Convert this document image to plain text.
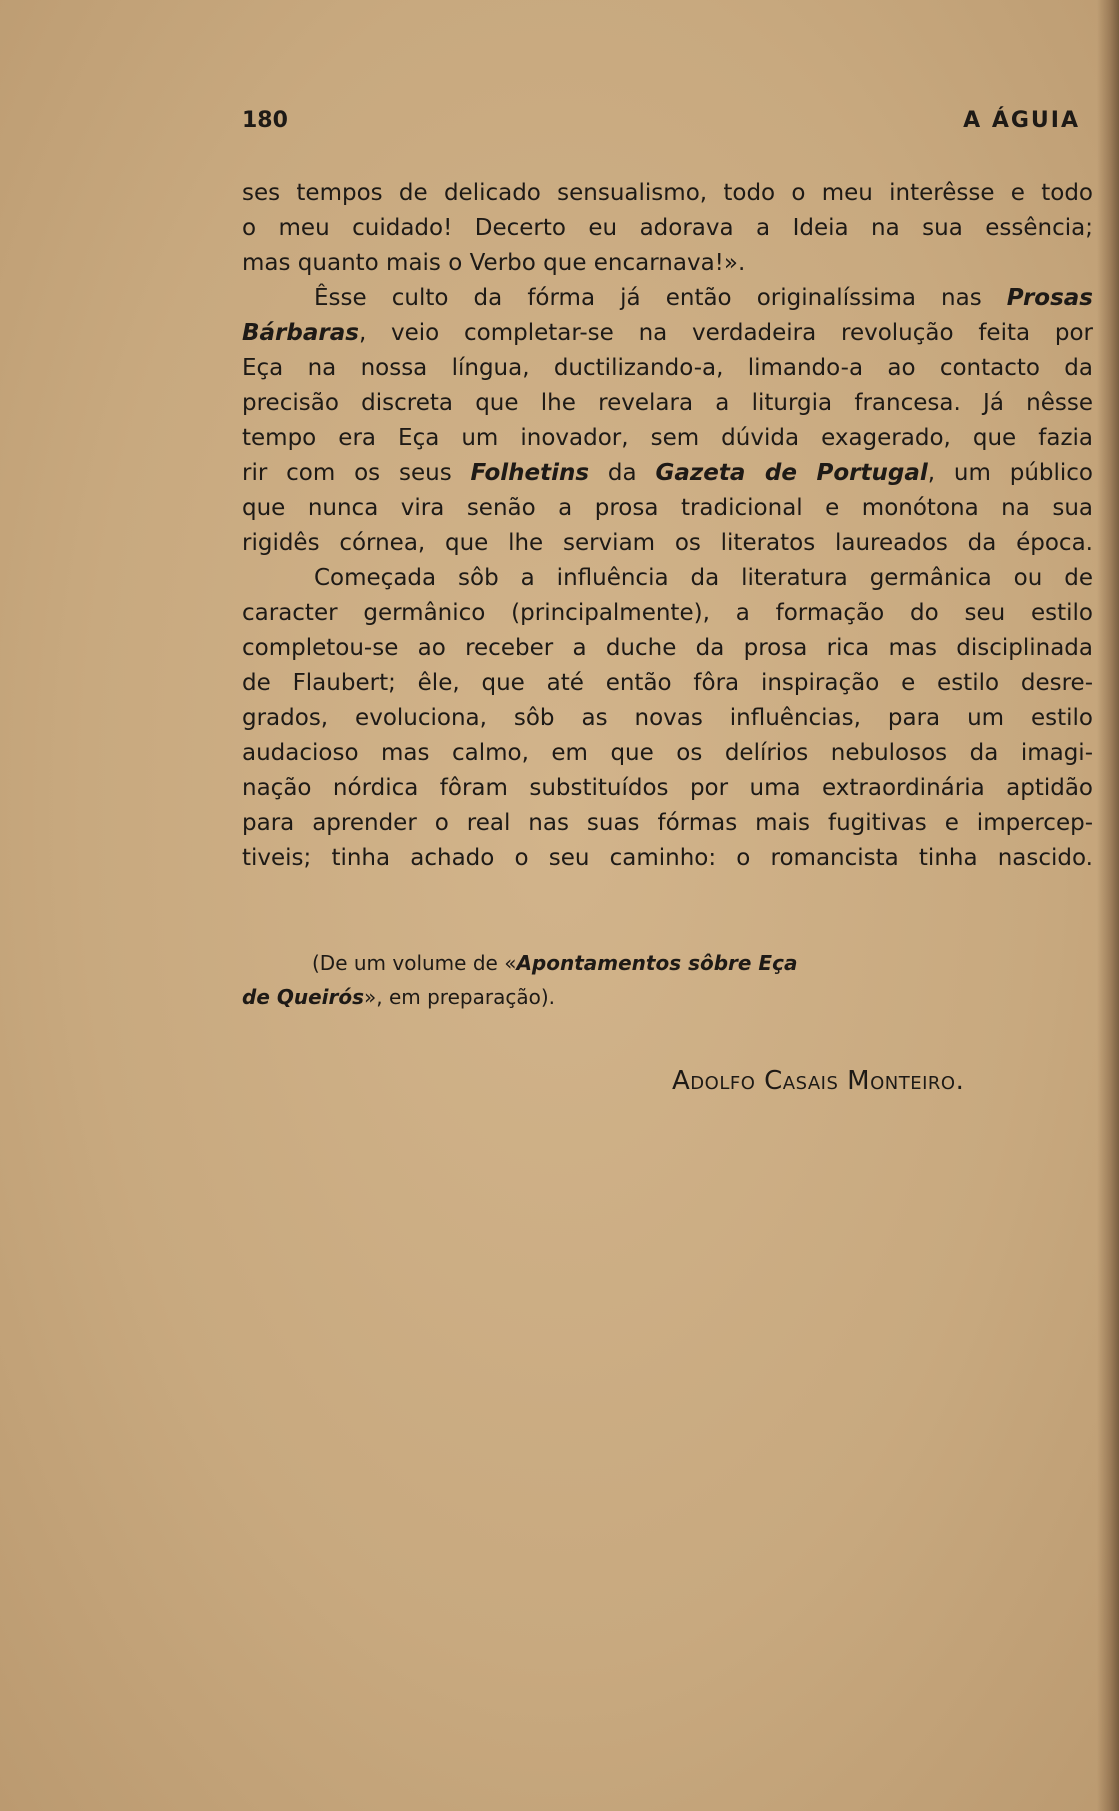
180	A ÁGUIA
ses tempos de delicado sensualismo, todo o meu interêsse e todo
o meu cuidado! Decerto eu adorava a Ideia na sua essência;
mas quanto mais o Verbo que encarnava!».
Êsse culto da fórma já então originalíssima nas Prosas
Bárbaras, veio completar-se na verdadeira revolução feita por
Eça na nossa língua, ductilizando-a, limando-a ao contacto da
precisão discreta que lhe revelara a liturgia francesa. Já nêsse
tempo era Eça um inovador, sem dúvida exagerado, que fazia
rir com os seus Folhetins da Gazeta de Portugal, um público
que nunca vira senão a prosa tradicional e monótona na sua
rigidês córnea, que lhe serviam os literatos laureados da época.
Começada sôb a influência da literatura germânica ou de
caracter germânico (principalmente), a formação do seu estilo
completou-se ao receber a duche da prosa rica mas disciplinada
de Flaubert; êle, que até então fôra inspiração e estilo desre-
grados, evoluciona, sôb as novas influências, para um estilo
audacioso mas calmo, em que os delírios nebulosos da imagi-
nação nórdica fôram substituídos por uma extraordinária aptidão
para aprender o real nas suas fórmas mais fugitivas e impercep-
tiveis; tinha achado o seu caminho: o romancista tinha nascido.
(De um volume de «Apontamentos sôbre Eça
de Queirós», em preparação).
Adolfo Casais Monteiro.
